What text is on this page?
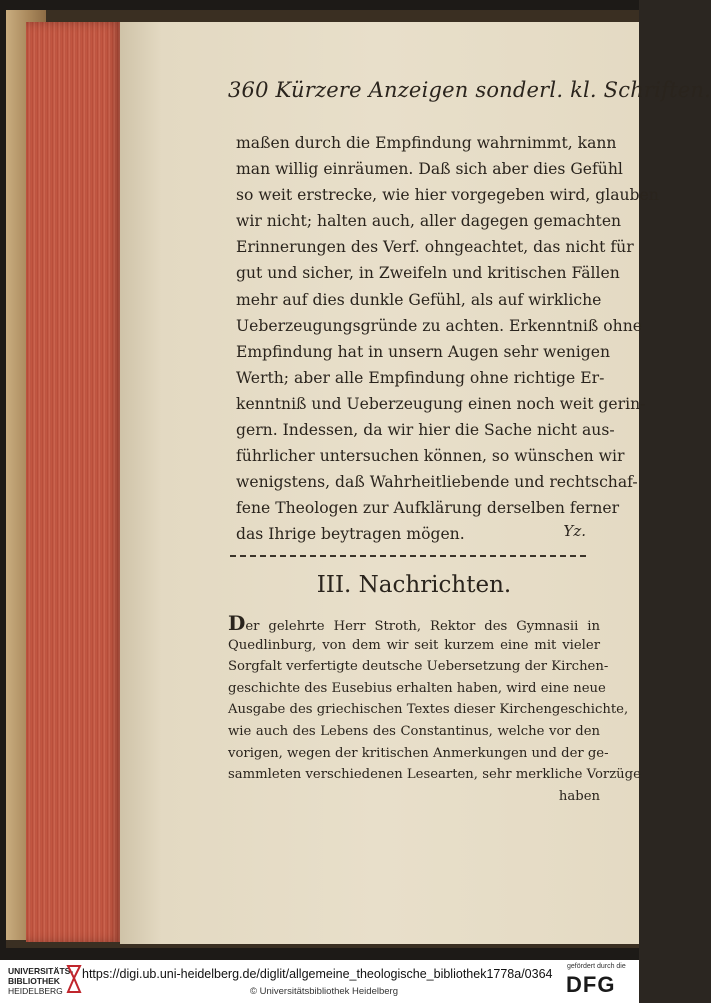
360 Kürzere Anzeigen sonderl. kl. Schriften.
maßen durch die Empfindung wahrnimmt, kann
man willig einräumen. Daß sich aber dies Gefühl
so weit erstrecke, wie hier vorgegeben wird, glauben
wir nicht; halten auch, aller dagegen gemachten
Erinnerungen des Verf. ohngeachtet, das nicht für
gut und sicher, in Zweifeln und kritischen Fällen
mehr auf dies dunkle Gefühl, als auf wirkliche
Ueberzeugungsgründe zu achten. Erkenntniß ohne
Empfindung hat in unsern Augen sehr wenigen
Werth; aber alle Empfindung ohne richtige Er-
kenntniß und Ueberzeugung einen noch weit gerin-
gern. Indessen, da wir hier die Sache nicht aus-
führlicher untersuchen können, so wünschen wir
wenigstens, daß Wahrheitliebende und rechtschaf-
fene Theologen zur Aufklärung derselben ferner
das Ihrige beytragen mögen.	Yz.
III. Nachrichten.
Der gelehrte Herr Stroth, Rektor des Gymnasii in
Quedlinburg, von dem wir seit kurzem eine mit vieler
Sorgfalt verfertigte deutsche Uebersetzung der Kirchen-
geschichte des Eusebius erhalten haben, wird eine neue
Ausgabe des griechischen Textes dieser Kirchengeschichte,
wie auch des Lebens des Constantinus, welche vor den
vorigen, wegen der kritischen Anmerkungen und der ge-
sammleten verschiedenen Lesearten, sehr merkliche Vorzüge
haben
UNIVERSITÄTS-
BIBLIOTHEK
HEIDELBERG
https://digi.ub.uni-heidelberg.de/diglit/allgemeine_theologische_bibliothek1778a/0364
© Universitätsbibliothek Heidelberg
gefördert durch die
DFG
